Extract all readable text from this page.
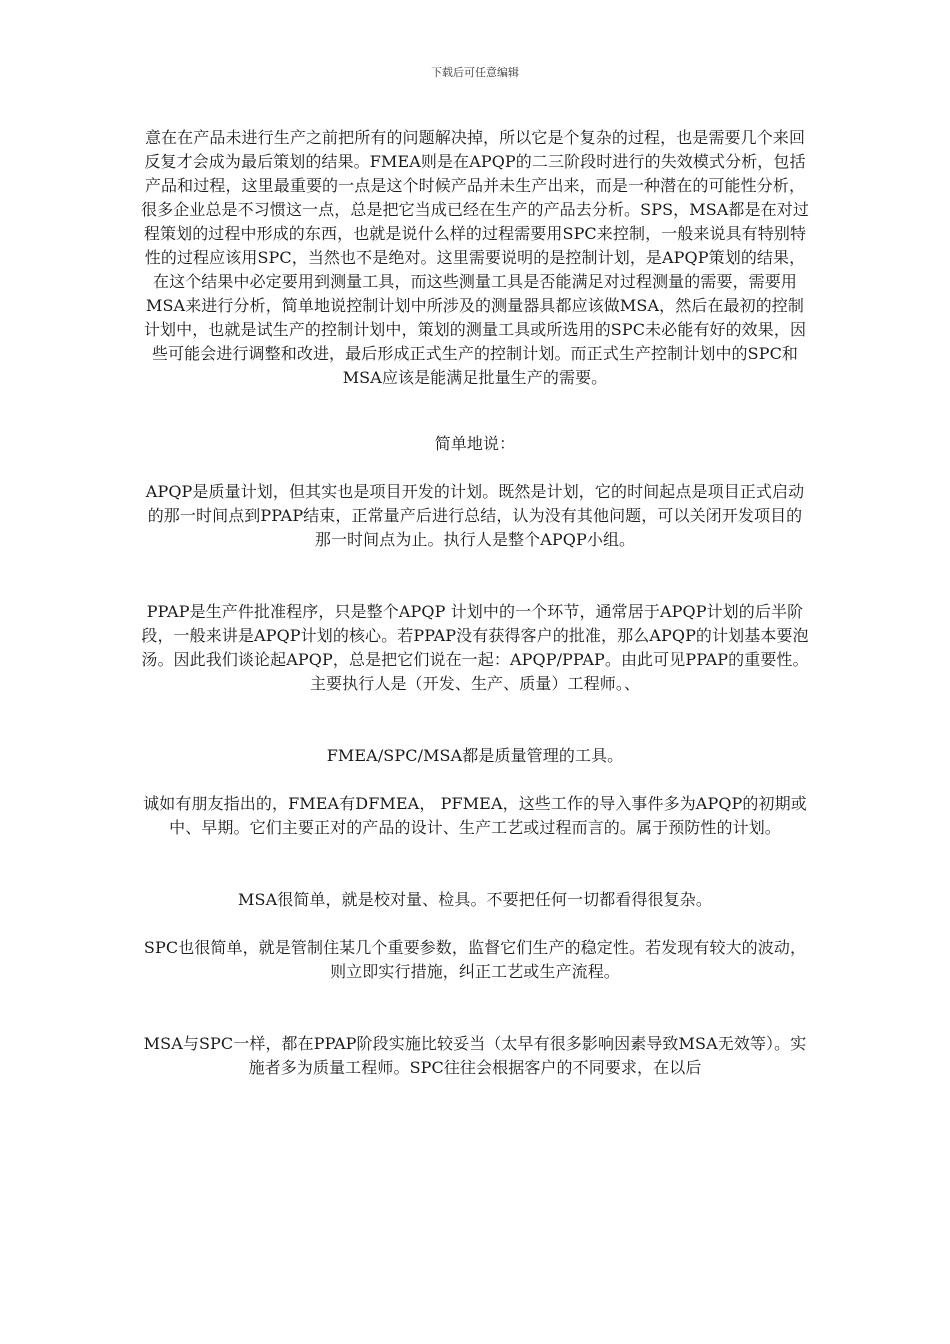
下载后可任意编辑

意在在产品未进行生产之前把所有的问题解决掉，所以它是个复杂的过程，也是需要几个来回反复才会成为最后策划的结果。FMEA则是在APQP的二三阶段时进行的失效模式分析，包括产品和过程，这里最重要的一点是这个时候产品并未生产出来，而是一种潜在的可能性分析，很多企业总是不习惯这一点，总是把它当成已经在生产的产品去分析。SPS，MSA都是在对过程策划的过程中形成的东西，也就是说什么样的过程需要用SPC来控制，一般来说具有特别特性的过程应该用SPC，当然也不是绝对。这里需要说明的是控制计划，是APQP策划的结果，在这个结果中必定要用到测量工具，而这些测量工具是否能满足对过程测量的需要，需要用MSA来进行分析，简单地说控制计划中所涉及的测量器具都应该做MSA，然后在最初的控制计划中，也就是试生产的控制计划中，策划的测量工具或所选用的SPC未必能有好的效果，因些可能会进行调整和改进，最后形成正式生产的控制计划。而正式生产控制计划中的SPC和MSA应该是能满足批量生产的需要。

简单地说：

APQP是质量计划，但其实也是项目开发的计划。既然是计划，它的时间起点是项目正式启动的那一时间点到PPAP结束，正常量产后进行总结，认为没有其他问题，可以关闭开发项目的那一时间点为止。执行人是整个APQP小组。

PPAP是生产件批准程序，只是整个APQP 计划中的一个环节，通常居于APQP计划的后半阶段，一般来讲是APQP计划的核心。若PPAP没有获得客户的批准，那么APQP的计划基本要泡汤。因此我们谈论起APQP，总是把它们说在一起：APQP/PPAP。由此可见PPAP的重要性。主要执行人是（开发、生产、质量）工程师。、

FMEA/SPC/MSA都是质量管理的工具。

诚如有朋友指出的，FMEA有DFMEA， PFMEA，这些工作的导入事件多为APQP的初期或中、早期。它们主要正对的产品的设计、生产工艺或过程而言的。属于预防性的计划。

MSA很简单，就是校对量、检具。不要把任何一切都看得很复杂。

SPC也很简单，就是管制住某几个重要参数，监督它们生产的稳定性。若发现有较大的波动，则立即实行措施，纠正工艺或生产流程。

MSA与SPC一样，都在PPAP阶段实施比较妥当（太早有很多影响因素导致MSA无效等）。实施者多为质量工程师。SPC往往会根据客户的不同要求，在以后
